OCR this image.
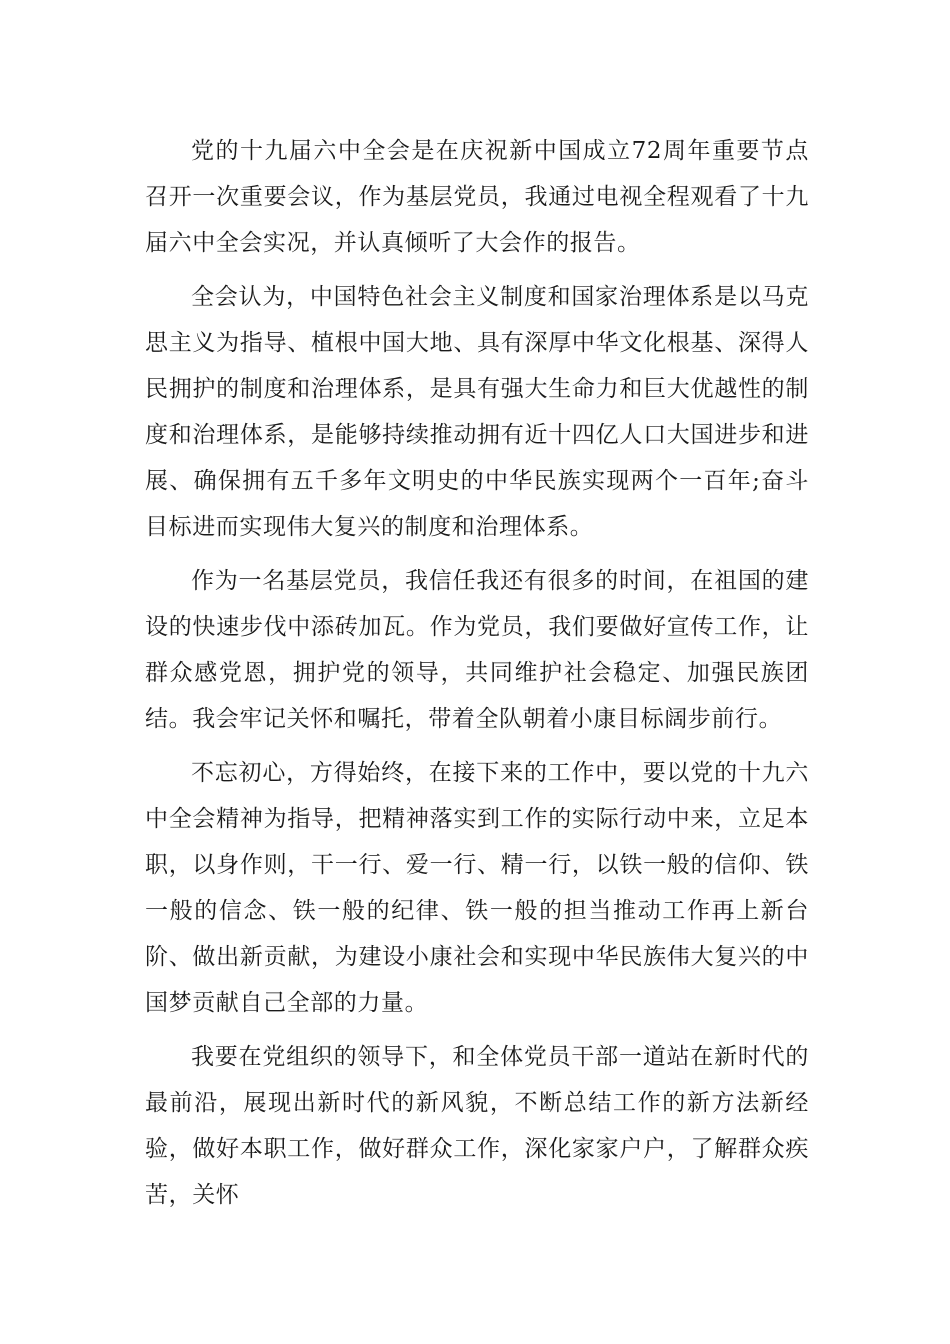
党的十九届六中全会是在庆祝新中国成立72周年重要节点召开一次重要会议，作为基层党员，我通过电视全程观看了十九届六中全会实况，并认真倾听了大会作的报告。

全会认为，中国特色社会主义制度和国家治理体系是以马克思主义为指导、植根中国大地、具有深厚中华文化根基、深得人民拥护的制度和治理体系，是具有强大生命力和巨大优越性的制度和治理体系，是能够持续推动拥有近十四亿人口大国进步和进展、确保拥有五千多年文明史的中华民族实现两个一百年;奋斗目标进而实现伟大复兴的制度和治理体系。

作为一名基层党员，我信任我还有很多的时间，在祖国的建设的快速步伐中添砖加瓦。作为党员，我们要做好宣传工作，让群众感党恩，拥护党的领导，共同维护社会稳定、加强民族团结。我会牢记关怀和嘱托，带着全队朝着小康目标阔步前行。

不忘初心，方得始终，在接下来的工作中，要以党的十九六中全会精神为指导，把精神落实到工作的实际行动中来，立足本职，以身作则，干一行、爱一行、精一行，以铁一般的信仰、铁一般的信念、铁一般的纪律、铁一般的担当推动工作再上新台阶、做出新贡献，为建设小康社会和实现中华民族伟大复兴的中国梦贡献自己全部的力量。

我要在党组织的领导下，和全体党员干部一道站在新时代的最前沿，展现出新时代的新风貌，不断总结工作的新方法新经验，做好本职工作，做好群众工作，深化家家户户，了解群众疾苦，关怀
